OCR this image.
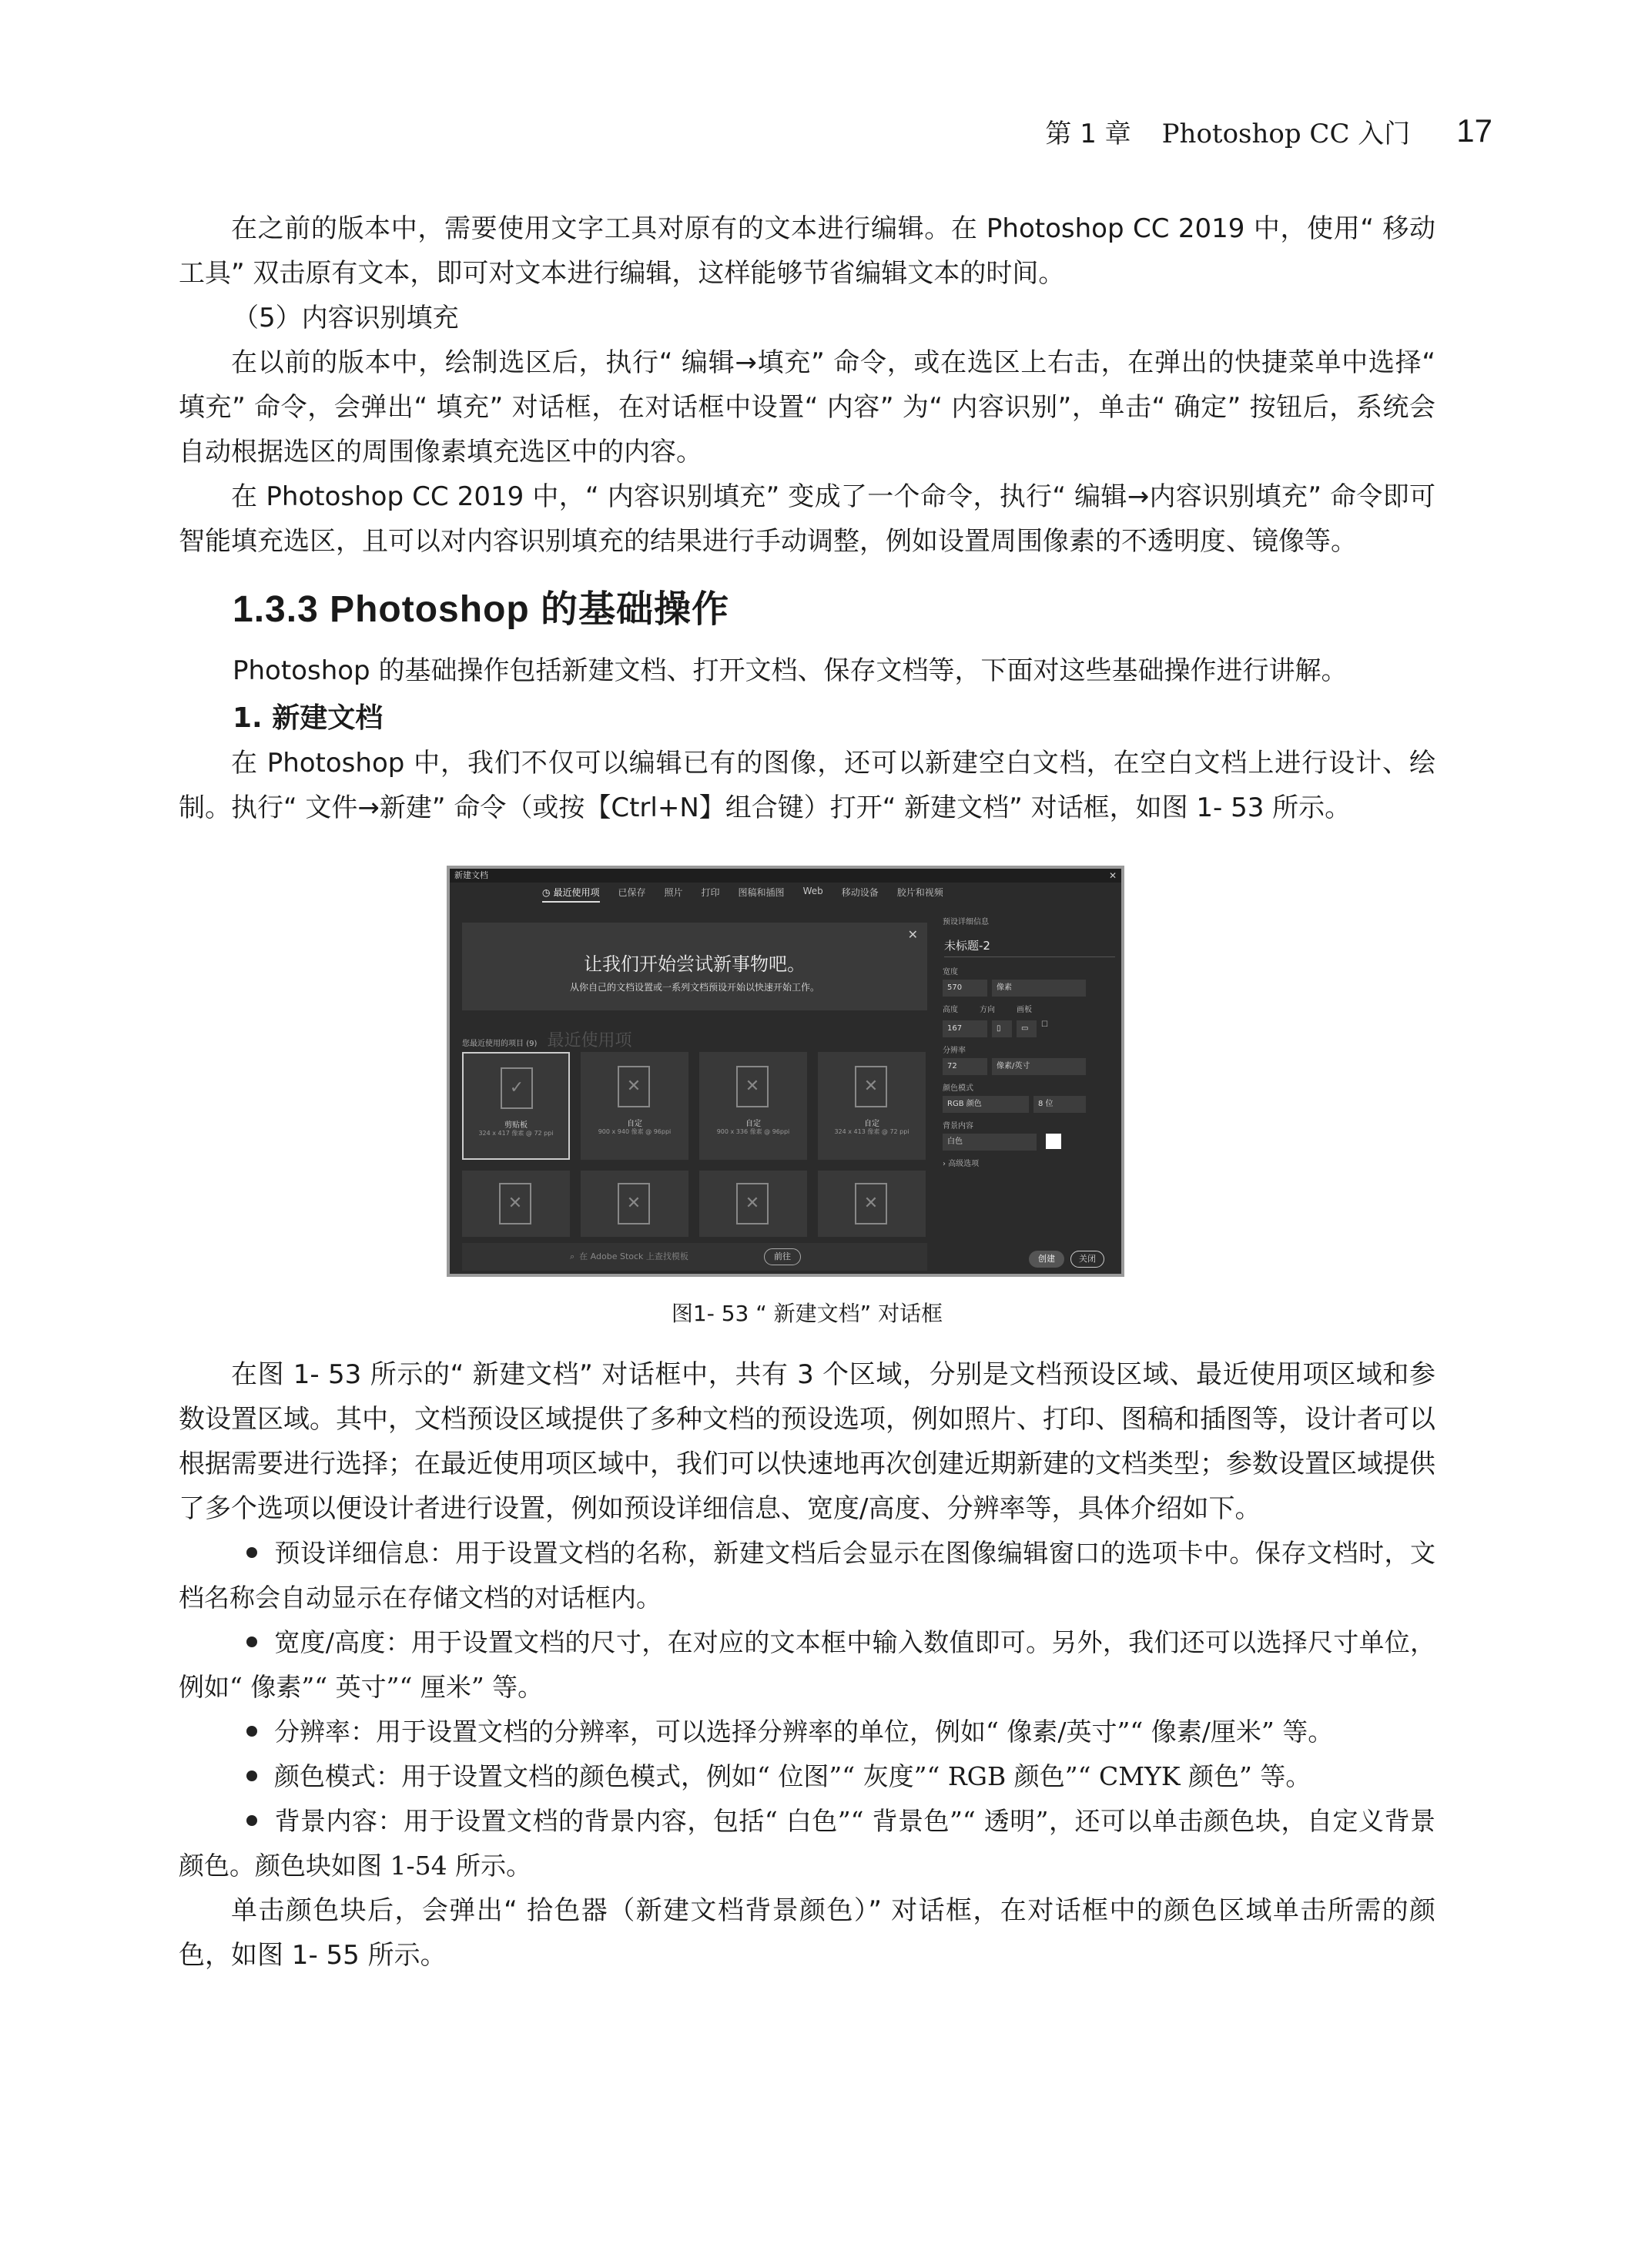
第 1 章 Photoshop CC 入门 17

在之前的版本中，需要使用文字工具对原有的文本进行编辑。在 Photoshop CC 2019 中，使用“ 移动工具” 双击原有文本，即可对文本进行编辑，这样能够节省编辑文本的时间。

（5）内容识别填充

在以前的版本中，绘制选区后，执行“ 编辑→填充” 命令，或在选区上右击，在弹出的快捷菜单中选择“ 填充” 命令，会弹出“ 填充” 对话框，在对话框中设置“ 内容” 为“ 内容识别”，单击“ 确定” 按钮后，系统会自动根据选区的周围像素填充选区中的内容。

在 Photoshop CC 2019 中，“ 内容识别填充” 变成了一个命令，执行“ 编辑→内容识别填充” 命令即可智能填充选区，且可以对内容识别填充的结果进行手动调整，例如设置周围像素的不透明度、镜像等。

1.3.3 Photoshop 的基础操作

Photoshop 的基础操作包括新建文档、打开文档、保存文档等，下面对这些基础操作进行讲解。

1. 新建文档

在 Photoshop 中，我们不仅可以编辑已有的图像，还可以新建空白文档，在空白文档上进行设计、绘制。执行“ 文件→新建” 命令（或按【Ctrl+N】组合键）打开“ 新建文档” 对话框，如图 1- 53 所示。

新建文档	✕
◷ 最近使用项 已保存 照片 打印 图稿和插图 Web 移动设备 胶片和视频
✕
让我们开始尝试新事物吧。
从你自己的文档设置或一系列文档预设开始以快速开始工作。
您最近使用的项目 (9) 最近使用项
✓
剪贴板
324 x 417 像素 @ 72 ppi
✕
自定
900 x 940 像素 @ 96ppi
✕
自定
900 x 336 像素 @ 96ppi
✕
自定
324 x 413 像素 @ 72 ppi
✕	✕	✕	✕
⌕ 在 Adobe Stock 上查找模板	前往
预设详细信息
未标题-2
宽度
570	像素
高度	方向	画板
167	▯	▭	☐
分辨率
72	像素/英寸
颜色模式
RGB 颜色	8 位
背景内容
白色
› 高级选项
创建	关闭
图1- 53 “ 新建文档” 对话框

在图 1- 53 所示的“ 新建文档” 对话框中，共有 3 个区域，分别是文档预设区域、最近使用项区域和参数设置区域。其中，文档预设区域提供了多种文档的预设选项，例如照片、打印、图稿和插图等，设计者可以根据需要进行选择；在最近使用项区域中，我们可以快速地再次创建近期新建的文档类型；参数设置区域提供了多个选项以便设计者进行设置，例如预设详细信息、宽度/高度、分辨率等，具体介绍如下。

预设详细信息：用于设置文档的名称，新建文档后会显示在图像编辑窗口的选项卡中。保存文档时，文档名称会自动显示在存储文档的对话框内。

宽度/高度：用于设置文档的尺寸，在对应的文本框中输入数值即可。另外，我们还可以选择尺寸单位，例如“ 像素”“ 英寸”“ 厘米” 等。

分辨率：用于设置文档的分辨率，可以选择分辨率的单位，例如“ 像素/英寸”“ 像素/厘米” 等。

颜色模式：用于设置文档的颜色模式，例如“ 位图”“ 灰度”“ RGB 颜色”“ CMYK 颜色” 等。

背景内容：用于设置文档的背景内容，包括“ 白色”“ 背景色”“ 透明”，还可以单击颜色块，自定义背景颜色。颜色块如图 1-54 所示。

单击颜色块后，会弹出“ 拾色器（新建文档背景颜色）” 对话框，在对话框中的颜色区域单击所需的颜色，如图 1- 55 所示。
